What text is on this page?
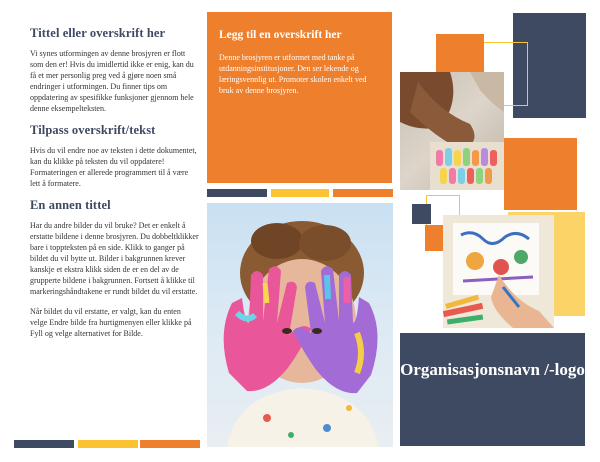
Tittel eller overskrift her
Vi synes utformingen av denne brosjyren er flott som den er! Hvis du imidlertid ikke er enig, kan du få et mer personlig preg ved å gjøre noen små endringer i utformingen. Du finner tips om oppdatering av spesifikke funksjoner gjennom hele denne eksempelteksten.
Tilpass overskrift/tekst
Hvis du vil endre noe av teksten i dette dokumentet, kan du klikke på teksten du vil oppdatere! Formateringen er allerede programmert til å være lett å formatere.
En annen tittel
Har du andre bilder du vil bruke? Det er enkelt å erstatte bildene i denne brosjyren. Du dobbeltklikker bare i toppteksten på en side. Klikk to ganger på bildet du vil bytte ut. Bilder i bakgrunnen krever kanskje et ekstra klikk siden de er en del av de grupperte bildene i bakgrunnen. Fortsett å klikke til markeringshåndtakene er rundt bildet du vil erstatte.
Når bildet du vil erstatte, er valgt, kan du enten velge Endre bilde fra hurtigmenyen eller klikke på Fyll og velge alternativet for Bilde.
Legg til en overskrift her
Denne brosjyren er utformet med tanke på utdanningsinstitusjoner. Den ser lekende og læringsvennlig ut. Promoter skolen enkelt ved bruk av denne brosjyren.
Organisasjonsnavn /-logo
